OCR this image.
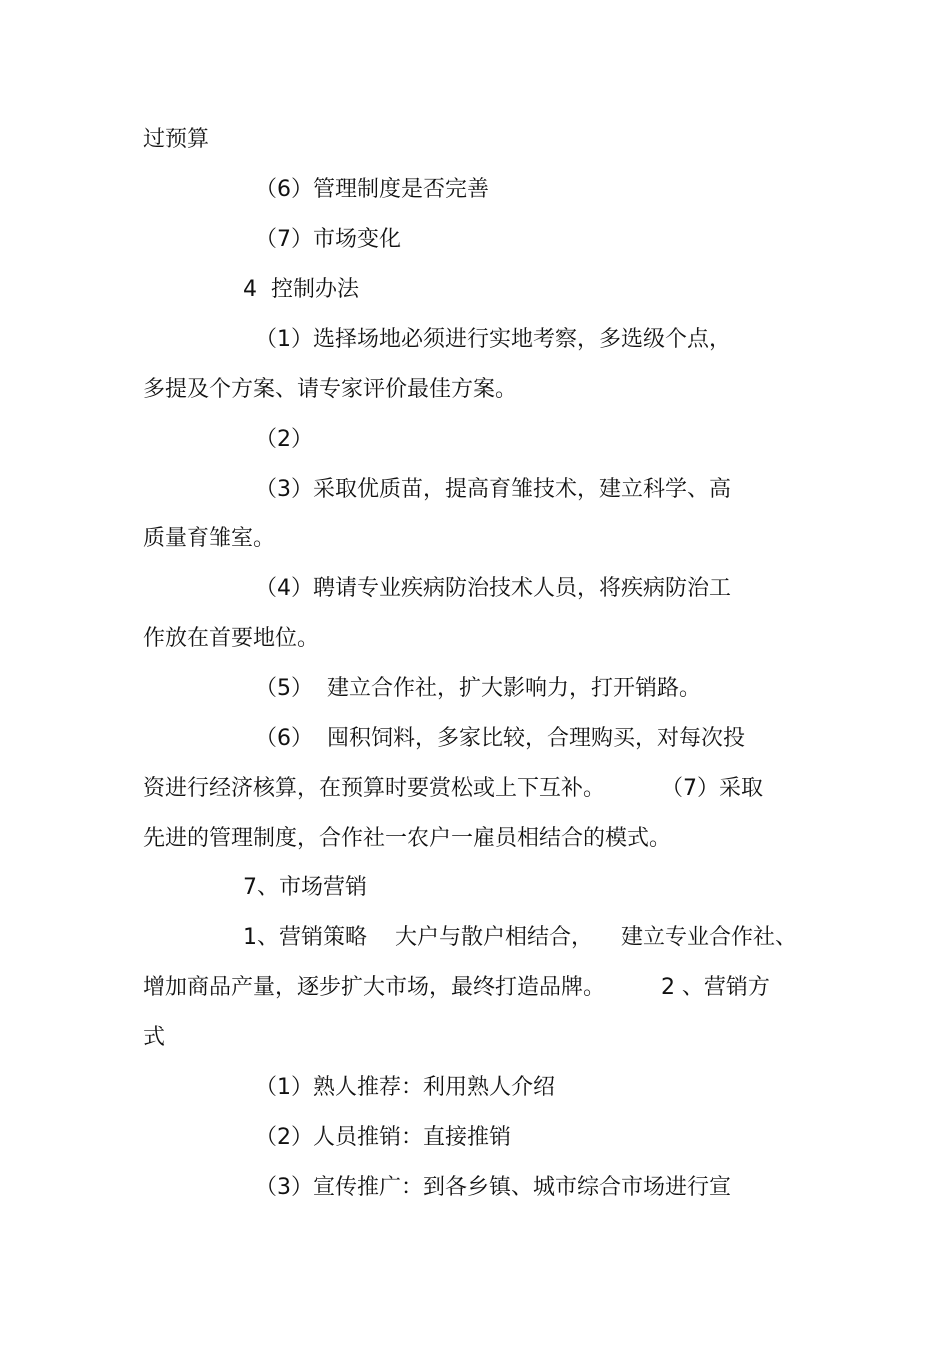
过预算
（6）管理制度是否完善
（7）市场变化
4  控制办法
（1）选择场地必须进行实地考察，多选级个点，
多提及个方案、请专家评价最佳方案。
（2）
（3）采取优质苗，提高育雏技术，建立科学、高
质量育雏室。
（4）聘请专业疾病防治技术人员，将疾病防治工
作放在首要地位。
（5）  建立合作社，扩大影响力，打开销路。
（6）  囤积饲料，多家比较，合理购买，对每次投
资进行经济核算，在预算时要赏松或上下互补。        （7）采取
先进的管理制度，合作社一农户一雇员相结合的模式。
7、市场营销
1、营销策略    大户与散户相结合，    建立专业合作社、
增加商品产量，逐步扩大市场，最终打造品牌。        2 、营销方
式
（1）熟人推荐：利用熟人介绍
（2）人员推销：直接推销
（3）宣传推广：到各乡镇、城市综合市场进行宣
